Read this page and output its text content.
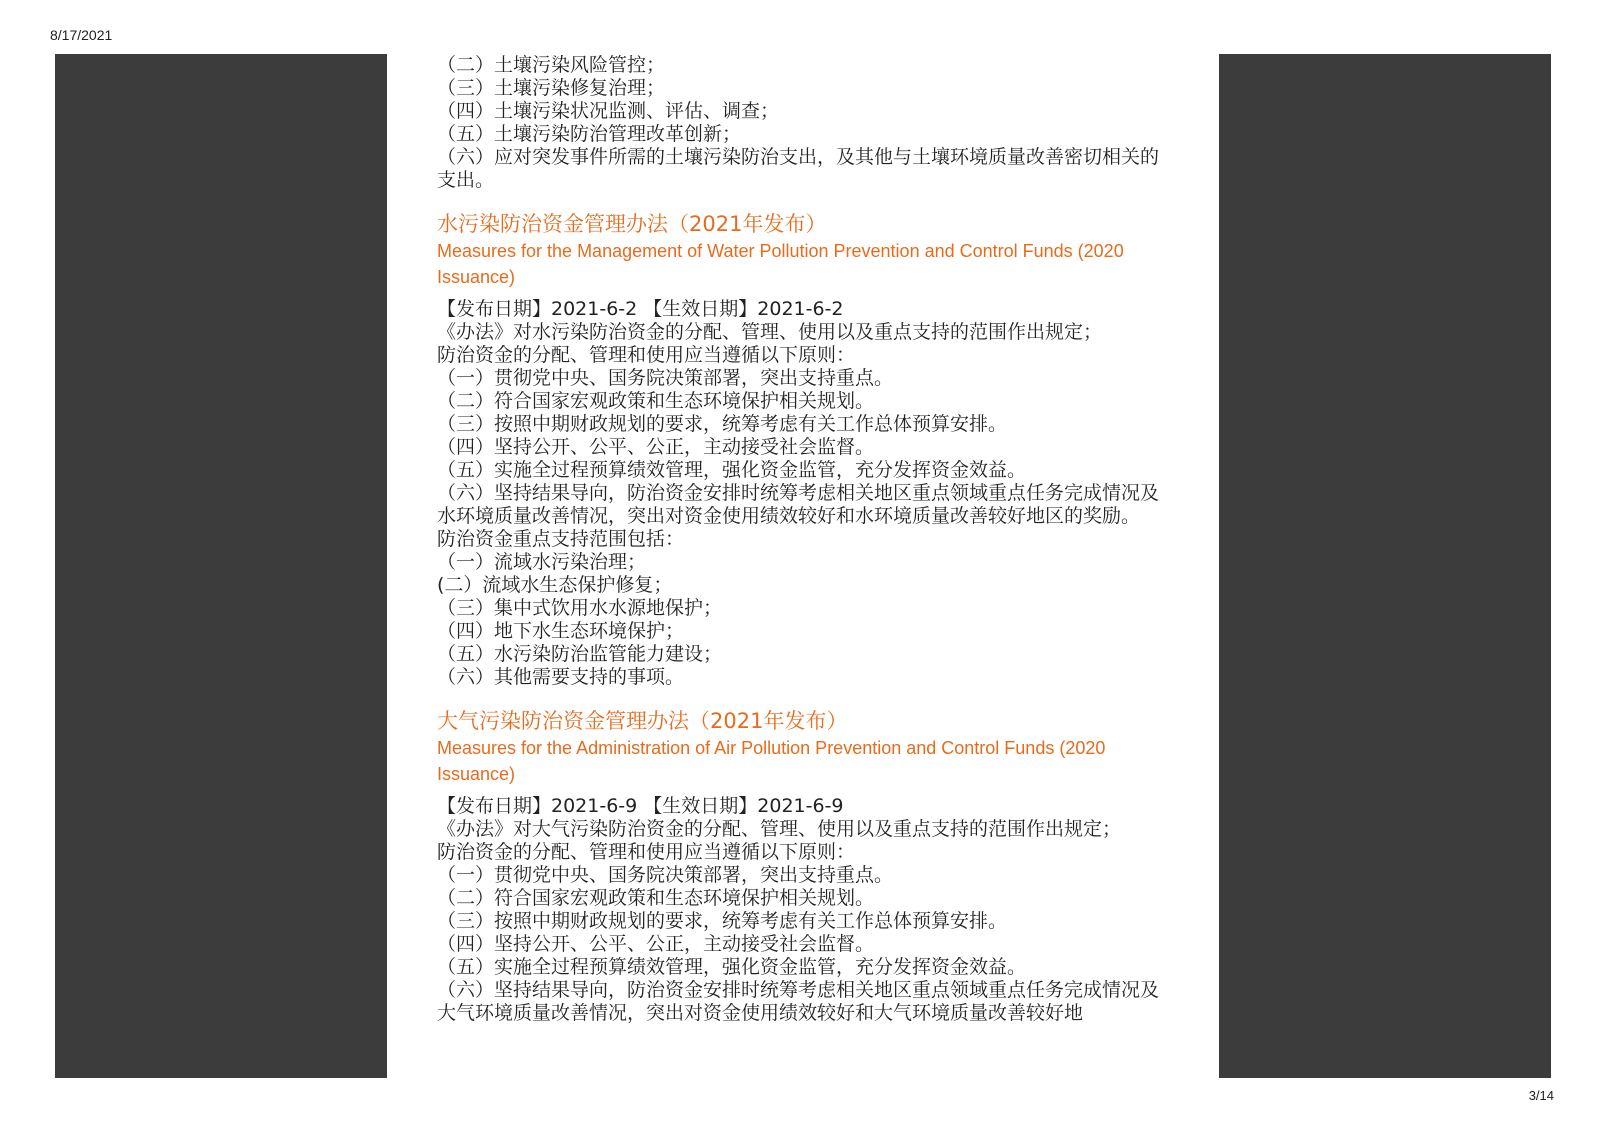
8/17/2021
（二）土壤污染风险管控；
（三）土壤污染修复治理；
（四）土壤污染状况监测、评估、调查；
（五）土壤污染防治管理改革创新；
（六）应对突发事件所需的土壤污染防治支出，及其他与土壤环境质量改善密切相关的支出。
水污染防治资金管理办法（2021年发布）
Measures for the Management of Water Pollution Prevention and Control Funds (2020 Issuance)
【发布日期】2021-6-2 【生效日期】2021-6-2
《办法》对水污染防治资金的分配、管理、使用以及重点支持的范围作出规定；
防治资金的分配、管理和使用应当遵循以下原则：
（一）贯彻党中央、国务院决策部署，突出支持重点。
（二）符合国家宏观政策和生态环境保护相关规划。
（三）按照中期财政规划的要求，统筹考虑有关工作总体预算安排。
（四）坚持公开、公平、公正，主动接受社会监督。
（五）实施全过程预算绩效管理，强化资金监管，充分发挥资金效益。
（六）坚持结果导向，防治资金安排时统筹考虑相关地区重点领域重点任务完成情况及水环境质量改善情况，突出对资金使用绩效较好和水环境质量改善较好地区的奖励。
防治资金重点支持范围包括：
（一）流域水污染治理；
(二）流域水生态保护修复；
（三）集中式饮用水水源地保护；
（四）地下水生态环境保护；
（五）水污染防治监管能力建设；
（六）其他需要支持的事项。
大气污染防治资金管理办法（2021年发布）
Measures for the Administration of Air Pollution Prevention and Control Funds (2020 Issuance)
【发布日期】2021-6-9 【生效日期】2021-6-9
《办法》对大气污染防治资金的分配、管理、使用以及重点支持的范围作出规定；
防治资金的分配、管理和使用应当遵循以下原则：
（一）贯彻党中央、国务院决策部署，突出支持重点。
（二）符合国家宏观政策和生态环境保护相关规划。
（三）按照中期财政规划的要求，统筹考虑有关工作总体预算安排。
（四）坚持公开、公平、公正，主动接受社会监督。
（五）实施全过程预算绩效管理，强化资金监管，充分发挥资金效益。
（六）坚持结果导向，防治资金安排时统筹考虑相关地区重点领域重点任务完成情况及大气环境质量改善情况，突出对资金使用绩效较好和大气环境质量改善较好地
3/14
